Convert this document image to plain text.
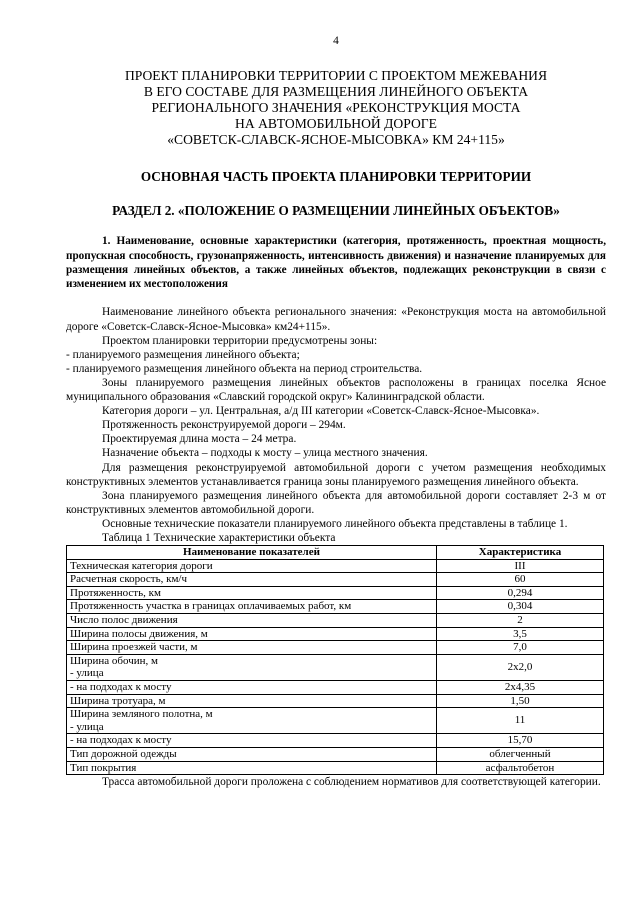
4
ПРОЕКТ ПЛАНИРОВКИ ТЕРРИТОРИИ С ПРОЕКТОМ МЕЖЕВАНИЯ
В ЕГО СОСТАВЕ ДЛЯ РАЗМЕЩЕНИЯ ЛИНЕЙНОГО ОБЪЕКТА
РЕГИОНАЛЬНОГО ЗНАЧЕНИЯ «РЕКОНСТРУКЦИЯ МОСТА
НА АВТОМОБИЛЬНОЙ ДОРОГЕ
«СОВЕТСК-СЛАВСК-ЯСНОЕ-МЫСОВКА» КМ 24+115»
ОСНОВНАЯ ЧАСТЬ ПРОЕКТА ПЛАНИРОВКИ ТЕРРИТОРИИ
РАЗДЕЛ 2. «ПОЛОЖЕНИЕ О РАЗМЕЩЕНИИ ЛИНЕЙНЫХ ОБЪЕКТОВ»
1. Наименование, основные характеристики (категория, протяженность, проектная мощность, пропускная способность, грузонапряженность, интенсивность движения) и назначение планируемых для размещения линейных объектов, а также линейных объектов, подлежащих реконструкции в связи с изменением их местоположения

Наименование линейного объекта регионального значения: «Реконструкция моста на автомобильной дороге «Советск-Славск-Ясное-Мысовка» км24+115».

Проектом планировки территории предусмотрены зоны:

- планируемого размещения линейного объекта;

- планируемого размещения линейного объекта на период строительства.

Зоны планируемого размещения линейных объектов расположены в границах поселка Ясное муниципального образования «Славский городской округ» Калининградской области.

Категория дороги – ул. Центральная, а/д III категории «Советск-Славск-Ясное-Мысовка».

Протяженность реконструируемой дороги – 294м.

Проектируемая длина моста – 24 метра.

Назначение объекта – подходы к мосту – улица местного значения.

Для размещения реконструируемой автомобильной дороги с учетом размещения необходимых конструктивных элементов устанавливается граница зоны планируемого размещения линейного объекта.

Зона планируемого размещения линейного объекта для автомобильной дороги составляет 2-3 м от конструктивных элементов автомобильной дороги.

Основные технические показатели планируемого линейного объекта представлены в таблице 1.

Таблица 1 Технические характеристики объекта
Наименование показателей	Характеристика

Техническая категория дороги	III

Расчетная скорость, км/ч	60

Протяженность, км	0,294

Протяженность участка в границах оплачиваемых работ, км	0,304

Число полос движения	2

Ширина полосы движения, м	3,5

Ширина проезжей части, м	7,0

Ширина обочин, м
- улица	2х2,0

- на подходах к мосту	2х4,35

Ширина тротуара, м	1,50

Ширина земляного полотна, м
- улица	11

- на подходах к мосту	15,70

Тип дорожной одежды	облегченный

Тип покрытия	асфальтобетон

Трасса автомобильной дороги проложена с соблюдением нормативов для соответствующей категории.
